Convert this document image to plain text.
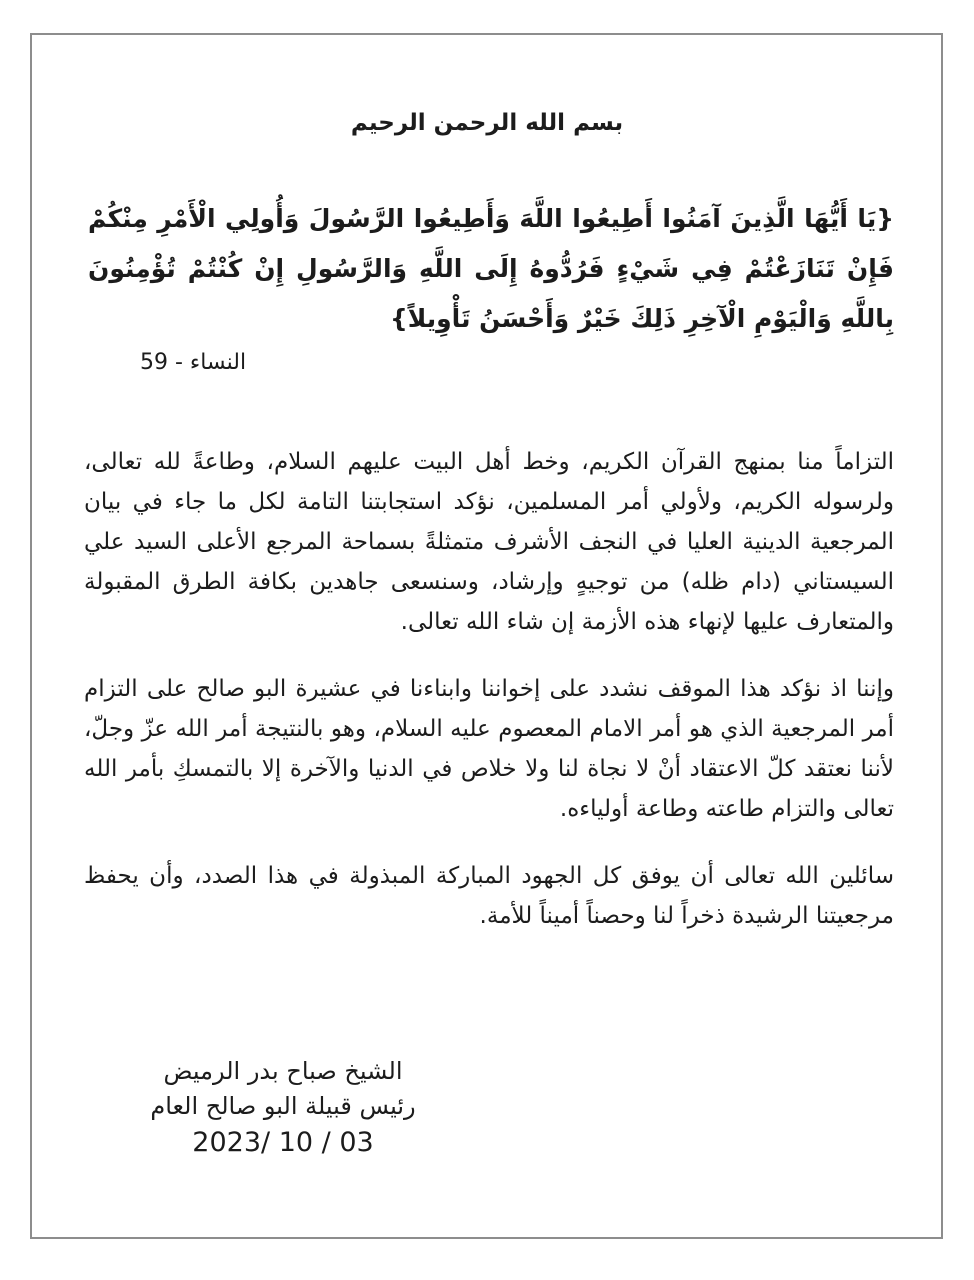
بسم الله الرحمن الرحيم
{يَا أَيُّهَا الَّذِينَ آمَنُوا أَطِيعُوا اللَّهَ وَأَطِيعُوا الرَّسُولَ وَأُولِي الْأَمْرِ مِنْكُمْ فَإِنْ تَنَازَعْتُمْ فِي شَيْءٍ فَرُدُّوهُ إِلَى اللَّهِ وَالرَّسُولِ إِنْ كُنْتُمْ تُؤْمِنُونَ بِاللَّهِ وَالْيَوْمِ الْآخِرِ ذَلِكَ خَيْرٌ وَأَحْسَنُ تَأْوِيلاً}
النساء - 59

التزاماً منا بمنهج القرآن الكريم، وخط أهل البيت عليهم السلام، وطاعةً لله تعالى، ولرسوله الكريم، ولأولي أمر المسلمين، نؤكد استجابتنا التامة لكل ما جاء في بيان المرجعية الدينية العليا في النجف الأشرف متمثلةً بسماحة المرجع الأعلى السيد علي السيستاني (دام ظله) من توجيهٍ وإرشاد، وسنسعى جاهدين بكافة الطرق المقبولة والمتعارف عليها لإنهاء هذه الأزمة إن شاء الله تعالى.

وإننا اذ نؤكد هذا الموقف نشدد على إخواننا وابناءنا في عشيرة البو صالح على التزام أمر المرجعية الذي هو أمر الامام المعصوم عليه السلام، وهو بالنتيجة أمر الله عزّ وجلّ، لأننا نعتقد كلّ الاعتقاد أنْ لا نجاة لنا ولا خلاص في الدنيا والآخرة إلا بالتمسكِ بأمر الله تعالى والتزام طاعته وطاعة أولياءه.

سائلين الله تعالى أن يوفق كل الجهود المباركة المبذولة في هذا الصدد، وأن يحفظ مرجعيتنا الرشيدة ذخراً لنا وحصناً أميناً للأمة.

الشيخ صباح بدر الرميض
رئيس قبيلة البو صالح العام
03 / 10 /2023
